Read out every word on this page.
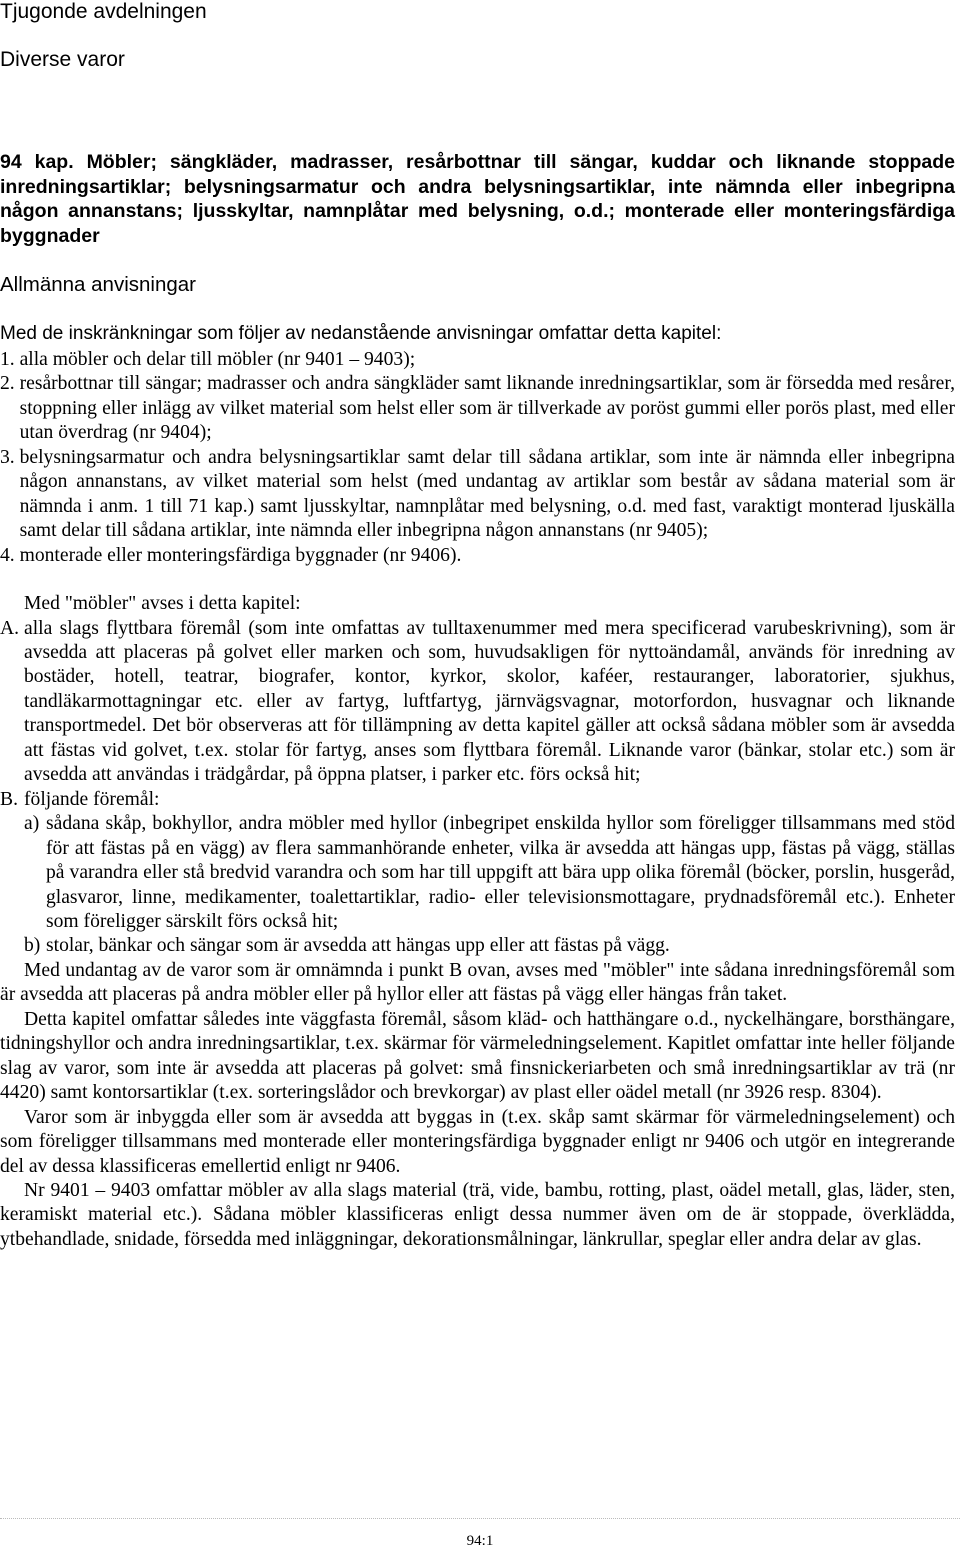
Tjugonde avdelningen
Diverse varor

94 kap. Möbler; sängkläder, madrasser, resårbottnar till sängar, kuddar och liknande stoppade inredningsartiklar; belysningsarmatur och andra belysningsartiklar, inte nämnda eller inbegripna någon annanstans; ljusskyltar, namnplåtar med belysning, o.d.; monterade eller monteringsfärdiga byggnader

Allmänna anvisningar
Med de inskränkningar som följer av nedanstående anvisningar omfattar detta kapitel:
1. alla möbler och delar till möbler (nr 9401 – 9403);
2. resårbottnar till sängar; madrasser och andra sängkläder samt liknande inredningsartiklar, som är försedda med resårer, stoppning eller inlägg av vilket material som helst eller som är tillverkade av poröst gummi eller porös plast, med eller utan överdrag (nr 9404);
3. belysningsarmatur och andra belysningsartiklar samt delar till sådana artiklar, som inte är nämnda eller inbegripna någon annanstans, av vilket material som helst (med undantag av artiklar som består av sådana material som är nämnda i anm. 1 till 71 kap.) samt ljusskyltar, namnplåtar med belysning, o.d. med fast, varaktigt monterad ljuskälla samt delar till sådana artiklar, inte nämnda eller inbegripna någon annanstans (nr 9405);
4. monterade eller monteringsfärdiga byggnader (nr 9406).

Med "möbler" avses i detta kapitel:

A. alla slags flyttbara föremål (som inte omfattas av tulltaxenummer med mera specificerad varubeskrivning), som är avsedda att placeras på golvet eller marken och som, huvudsakligen för nyttoändamål, används för inredning av bostäder, hotell, teatrar, biografer, kontor, kyrkor, skolor, kaféer, restauranger, laboratorier, sjukhus, tandläkarmottagningar etc. eller av fartyg, luftfartyg, järnvägsvagnar, motorfordon, husvagnar och liknande transportmedel. Det bör observeras att för tillämpning av detta kapitel gäller att också sådana möbler som är avsedda att fästas vid golvet, t.ex. stolar för fartyg, anses som flyttbara föremål. Liknande varor (bänkar, stolar etc.) som är avsedda att användas i trädgårdar, på öppna platser, i parker etc. förs också hit;
B. följande föremål:
a) sådana skåp, bokhyllor, andra möbler med hyllor (inbegripet enskilda hyllor som föreligger tillsammans med stöd för att fästas på en vägg) av flera sammanhörande enheter, vilka är avsedda att hängas upp, fästas på vägg, ställas på varandra eller stå bredvid varandra och som har till uppgift att bära upp olika föremål (böcker, porslin, husgeråd, glasvaror, linne, medikamenter, toalettartiklar, radio- eller televisionsmottagare, prydnadsföremål etc.). Enheter som föreligger särskilt förs också hit;
b) stolar, bänkar och sängar som är avsedda att hängas upp eller att fästas på vägg.

Med undantag av de varor som är omnämnda i punkt B ovan, avses med "möbler" inte sådana inredningsföremål som är avsedda att placeras på andra möbler eller på hyllor eller att fästas på vägg eller hängas från taket.

Detta kapitel omfattar således inte väggfasta föremål, såsom kläd- och hatthängare o.d., nyckelhängare, borsthängare, tidningshyllor och andra inredningsartiklar, t.ex. skärmar för värmeledningselement. Kapitlet omfattar inte heller följande slag av varor, som inte är avsedda att placeras på golvet: små finsnickeriarbeten och små inredningsartiklar av trä (nr 4420) samt kontorsartiklar (t.ex. sorteringslådor och brevkorgar) av plast eller oädel metall (nr 3926 resp. 8304).

Varor som är inbyggda eller som är avsedda att byggas in (t.ex. skåp samt skärmar för värmeledningselement) och som föreligger tillsammans med monterade eller monteringsfärdiga byggnader enligt nr 9406 och utgör en integrerande del av dessa klassificeras emellertid enligt nr 9406.

Nr 9401 – 9403 omfattar möbler av alla slags material (trä, vide, bambu, rotting, plast, oädel metall, glas, läder, sten, keramiskt material etc.). Sådana möbler klassificeras enligt dessa nummer även om de är stoppade, överklädda, ytbehandlade, snidade, försedda med inläggningar, dekorationsmålningar, länkrullar, speglar eller andra delar av glas.

94:1
